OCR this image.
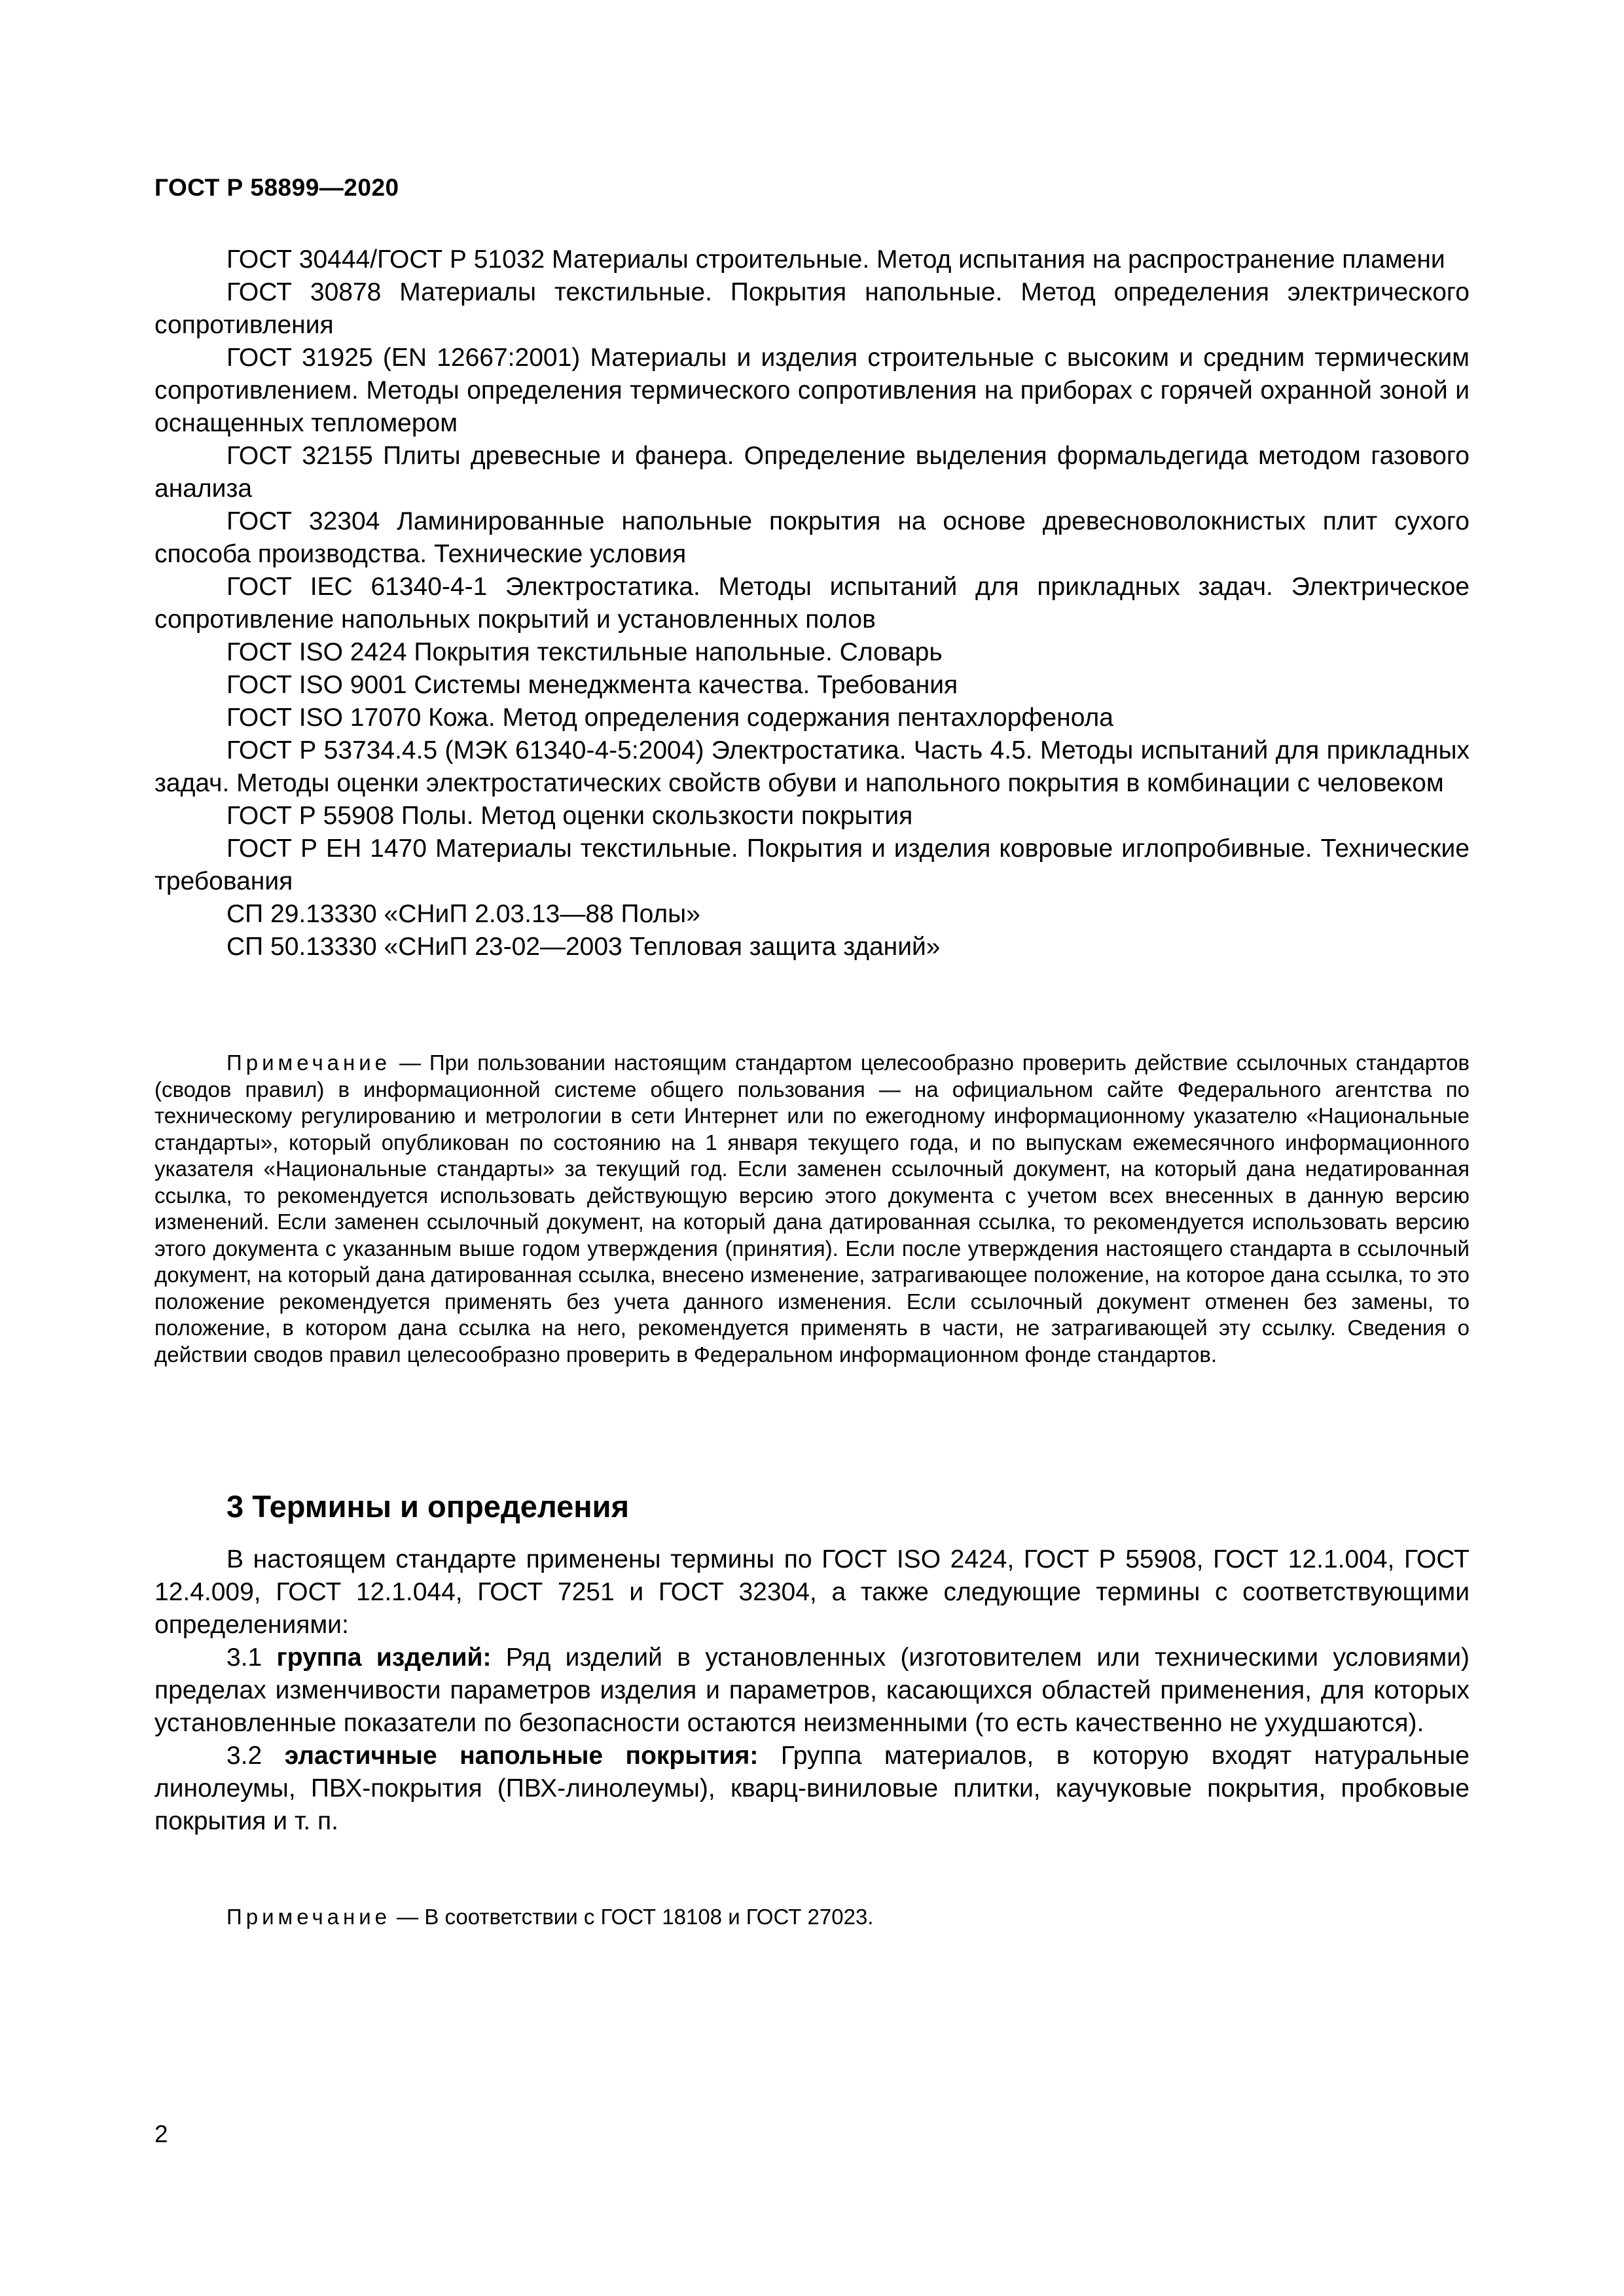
ГОСТ Р 58899—2020

ГОСТ 30444/ГОСТ Р 51032 Материалы строительные. Метод испытания на распространение пламени

ГОСТ 30878 Материалы текстильные. Покрытия напольные. Метод определения электрического сопротивления

ГОСТ 31925 (EN 12667:2001) Материалы и изделия строительные с высоким и средним термическим сопротивлением. Методы определения термического сопротивления на приборах с горячей охранной зоной и оснащенных тепломером

ГОСТ 32155 Плиты древесные и фанера. Определение выделения формальдегида методом газового анализа

ГОСТ 32304 Ламинированные напольные покрытия на основе древесноволокнистых плит сухого способа производства. Технические условия

ГОСТ IEC 61340-4-1 Электростатика. Методы испытаний для прикладных задач. Электрическое сопротивление напольных покрытий и установленных полов

ГОСТ ISO 2424 Покрытия текстильные напольные. Словарь

ГОСТ ISO 9001 Системы менеджмента качества. Требования

ГОСТ ISO 17070 Кожа. Метод определения содержания пентахлорфенола

ГОСТ Р 53734.4.5 (МЭК 61340-4-5:2004) Электростатика. Часть 4.5. Методы испытаний для прикладных задач. Методы оценки электростатических свойств обуви и напольного покрытия в комбинации с человеком

ГОСТ Р 55908 Полы. Метод оценки скользкости покрытия

ГОСТ Р ЕН 1470 Материалы текстильные. Покрытия и изделия ковровые иглопробивные. Технические требования

СП 29.13330 «СНиП 2.03.13—88 Полы»

СП 50.13330 «СНиП 23-02—2003 Тепловая защита зданий»

Примечание — При пользовании настоящим стандартом целесообразно проверить действие ссылочных стандартов (сводов правил) в информационной системе общего пользования — на официальном сайте Федерального агентства по техническому регулированию и метрологии в сети Интернет или по ежегодному информационному указателю «Национальные стандарты», который опубликован по состоянию на 1 января текущего года, и по выпускам ежемесячного информационного указателя «Национальные стандарты» за текущий год. Если заменен ссылочный документ, на который дана недатированная ссылка, то рекомендуется использовать действующую версию этого документа с учетом всех внесенных в данную версию изменений. Если заменен ссылочный документ, на который дана датированная ссылка, то рекомендуется использовать версию этого документа с указанным выше годом утверждения (принятия). Если после утверждения настоящего стандарта в ссылочный документ, на который дана датированная ссылка, внесено изменение, затрагивающее положение, на которое дана ссылка, то это положение рекомендуется применять без учета данного изменения. Если ссылочный документ отменен без замены, то положение, в котором дана ссылка на него, рекомендуется применять в части, не затрагивающей эту ссылку. Сведения о действии сводов правил целесообразно проверить в Федеральном информационном фонде стандартов.

3 Термины и определения

В настоящем стандарте применены термины по ГОСТ ISO 2424, ГОСТ Р 55908, ГОСТ 12.1.004, ГОСТ 12.4.009, ГОСТ 12.1.044, ГОСТ 7251 и ГОСТ 32304, а также следующие термины с соответствующими определениями:

3.1 группа изделий: Ряд изделий в установленных (изготовителем или техническими условиями) пределах изменчивости параметров изделия и параметров, касающихся областей применения, для которых установленные показатели по безопасности остаются неизменными (то есть качественно не ухудшаются).

3.2 эластичные напольные покрытия: Группа материалов, в которую входят натуральные линолеумы, ПВХ-покрытия (ПВХ-линолеумы), кварц-виниловые плитки, каучуковые покрытия, пробковые покрытия и т. п.

Примечание — В соответствии с ГОСТ 18108 и ГОСТ 27023.
2
